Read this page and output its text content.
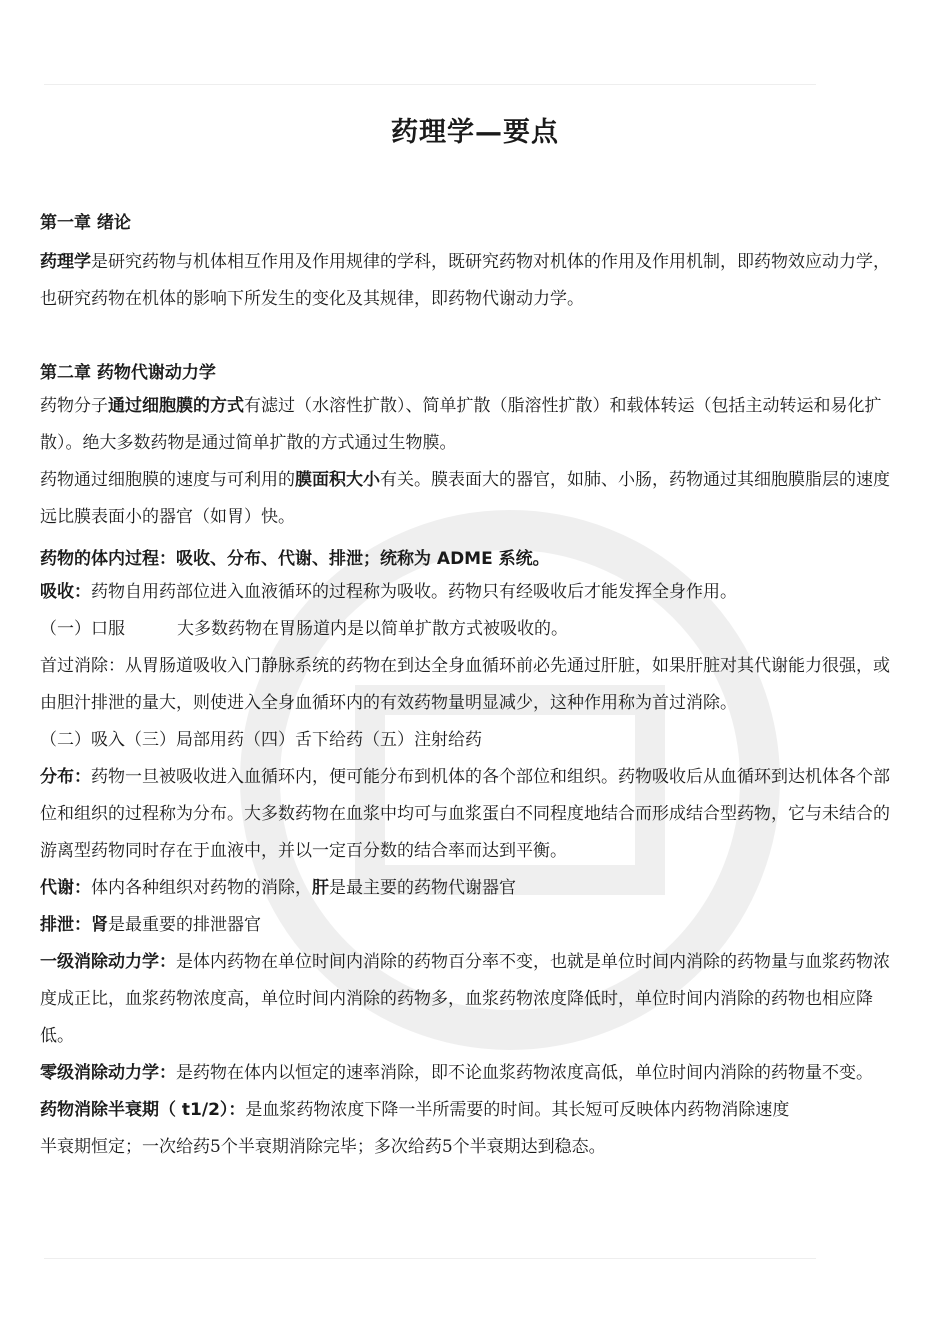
药理学—要点
第一章 绪论

药理学是研究药物与机体相互作用及作用规律的学科，既研究药物对机体的作用及作用机制，即药物效应动力学，也研究药物在机体的影响下所发生的变化及其规律，即药物代谢动力学。

第二章 药物代谢动力学

药物分子通过细胞膜的方式有滤过（水溶性扩散）、简单扩散（脂溶性扩散）和载体转运（包括主动转运和易化扩散）。绝大多数药物是通过简单扩散的方式通过生物膜。

药物通过细胞膜的速度与可利用的膜面积大小有关。膜表面大的器官，如肺、小肠，药物通过其细胞膜脂层的速度远比膜表面小的器官（如胃）快。

药物的体内过程：吸收、分布、代谢、排泄；统称为 ADME 系统。

吸收：药物自用药部位进入血液循环的过程称为吸收。药物只有经吸收后才能发挥全身作用。

（一）口服	大多数药物在胃肠道内是以简单扩散方式被吸收的。

首过消除：从胃肠道吸收入门静脉系统的药物在到达全身血循环前必先通过肝脏，如果肝脏对其代谢能力很强，或由胆汁排泄的量大，则使进入全身血循环内的有效药物量明显减少，这种作用称为首过消除。

（二）吸入（三）局部用药（四）舌下给药（五）注射给药

分布：药物一旦被吸收进入血循环内，便可能分布到机体的各个部位和组织。药物吸收后从血循环到达机体各个部位和组织的过程称为分布。大多数药物在血浆中均可与血浆蛋白不同程度地结合而形成结合型药物，它与未结合的游离型药物同时存在于血液中，并以一定百分数的结合率而达到平衡。

代谢：体内各种组织对药物的消除，肝是最主要的药物代谢器官

排泄：肾是最重要的排泄器官

一级消除动力学：是体内药物在单位时间内消除的药物百分率不变，也就是单位时间内消除的药物量与血浆药物浓度成正比，血浆药物浓度高，单位时间内消除的药物多，血浆药物浓度降低时，单位时间内消除的药物也相应降低。

零级消除动力学：是药物在体内以恒定的速率消除，即不论血浆药物浓度高低，单位时间内消除的药物量不变。

药物消除半衰期（ t1/2）：是血浆药物浓度下降一半所需要的时间。其长短可反映体内药物消除速度

半衰期恒定；一次给药5个半衰期消除完毕；多次给药5个半衰期达到稳态。
